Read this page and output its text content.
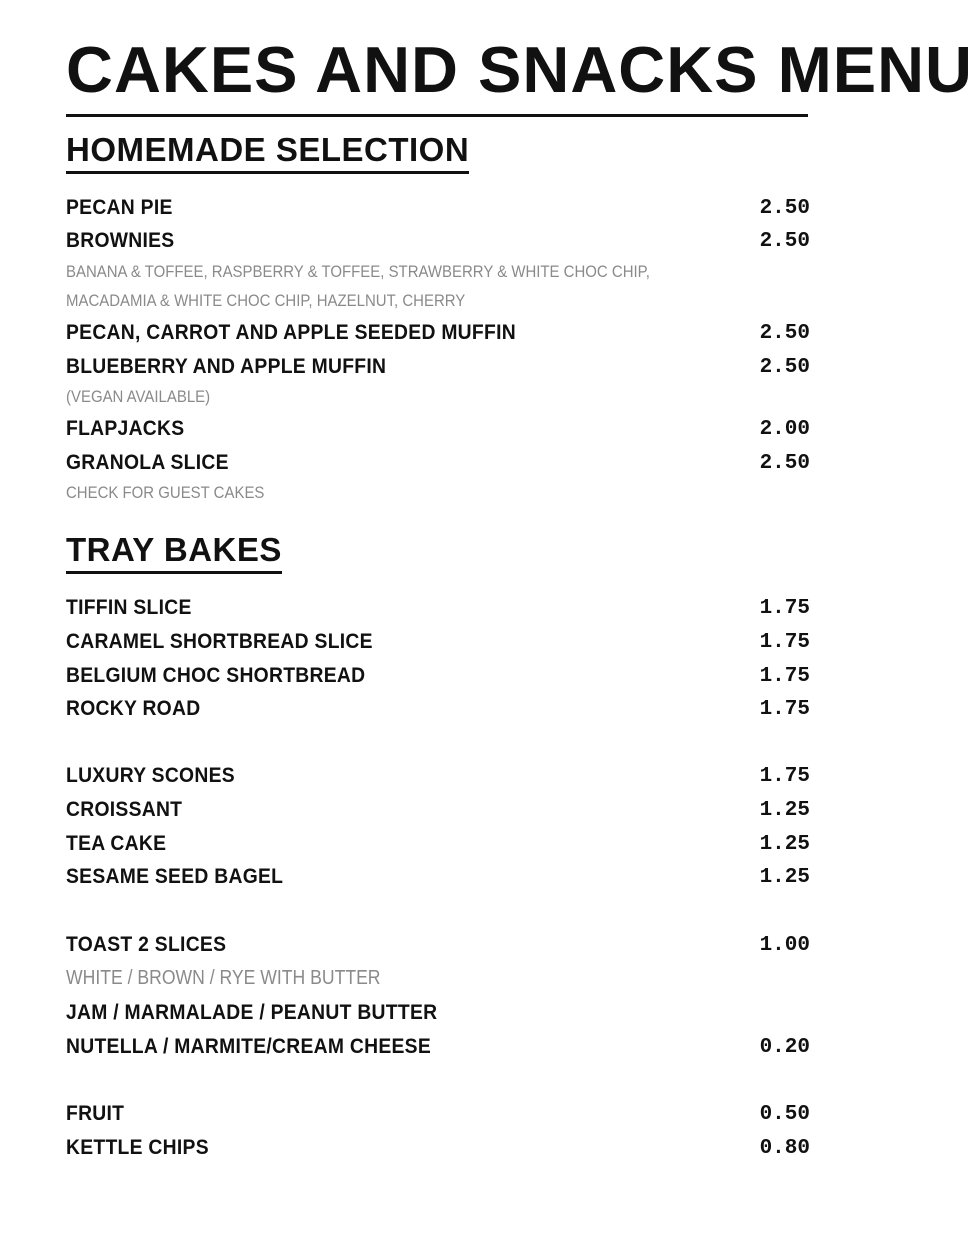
CAKES AND SNACKS MENU
HOMEMADE SELECTION
PECAN PIE	2.50
BRОWNIES	2.50
BANANA & TOFFEE, RASPBERRY & TOFFEE, STRAWBERRY & WHITE CHOC CHIP,
MACADAMIA & WHITE CHOC CHIP, HAZELNUT, CHERRY
PECAN, CARROT AND APPLE SEEDED MUFFIN	2.50
BLUEBERRY AND APPLE MUFFIN	2.50
(VEGAN AVAILABLE)
FLAPJACKS	2.00
GRANOLA SLICE	2.50
CHECK FOR GUEST CAKES
TRAY BAKES
TIFFIN SLICE	1.75
CARAMEL SHORTBREAD SLICE	1.75
BELGIUM CHOC SHORTBREAD	1.75
ROCKY ROAD	1.75
LUXURY SCONES	1.75
CROISSANT	1.25
TEA CAKE	1.25
SESAME SEED BAGEL	1.25
TOAST 2 SLICES	1.00
WHITE / BROWN / RYE WITH BUTTER
JAM / MARMALADE / PEANUT BUTTER
NUTELLA / MARMITE/CREAM CHEESE	0.20
FRUIT	0.50
KETTLE CHIPS	0.80
